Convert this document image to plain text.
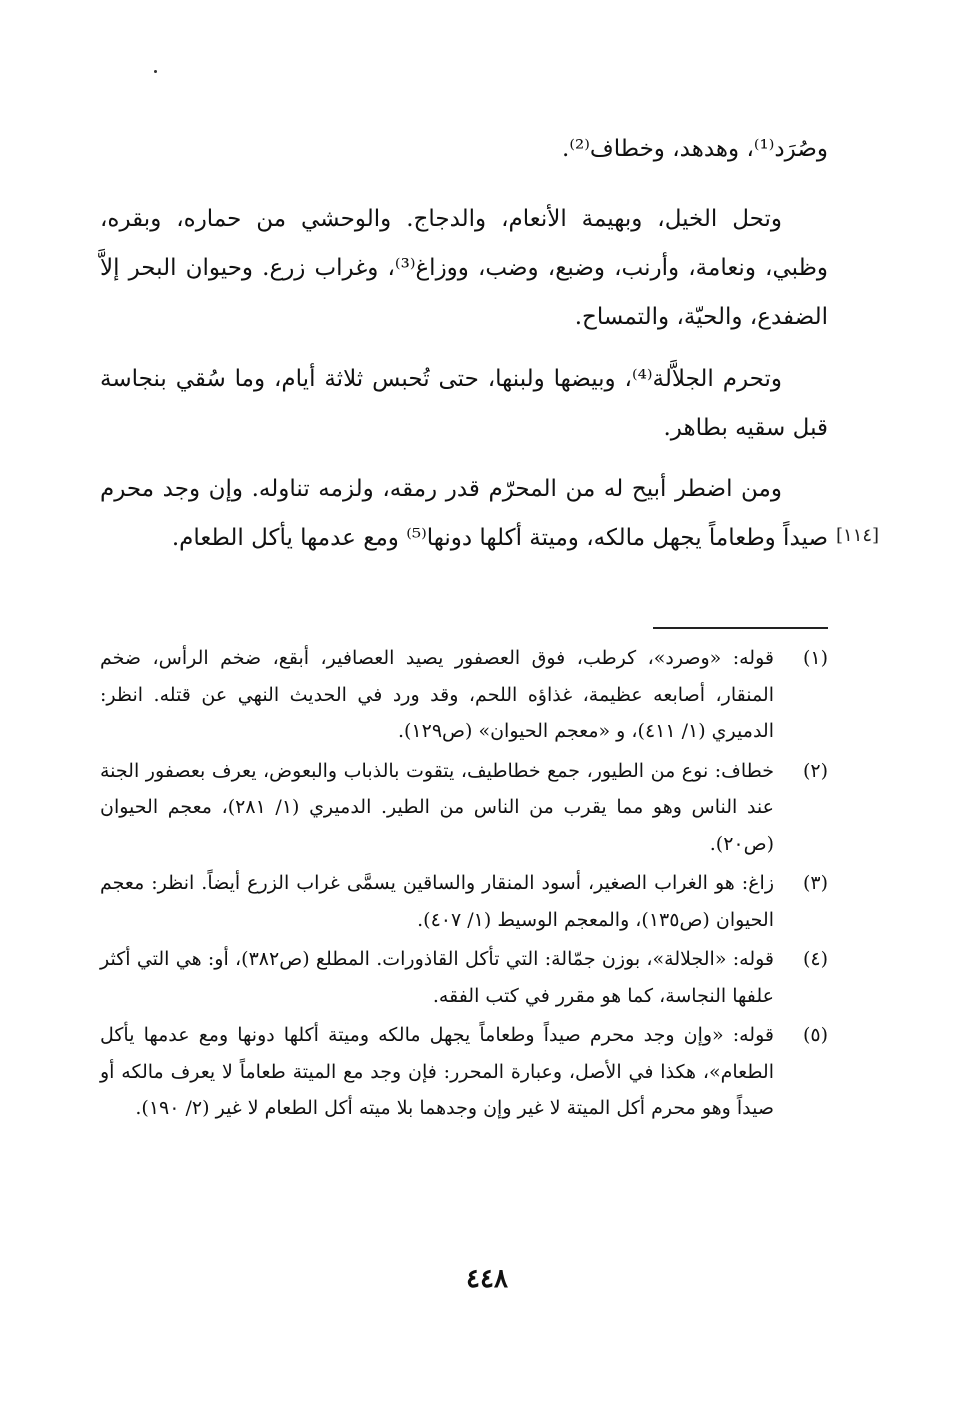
وصُرَد⁽¹⁾، وهدهد، وخطاف⁽²⁾.
وتحل الخيل، وبهيمة الأنعام، والدجاج. والوحشي من حماره، وبقره، وظبي، ونعامة، وأرنب، وضبع، وضب، ووزاغ⁽³⁾، وغراب زرع. وحيوان البحر إلاَّ الضفدع، والحيّة، والتمساح.
وتحرم الجلاَّلة⁽⁴⁾، وبيضها ولبنها، حتى تُحبس ثلاثة أيام، وما سُقي بنجاسة قبل سقيه بطاهر.
ومن اضطر أبيح له من المحرّم قدر رمقه، ولزمه تناوله. وإن وجد محرم صيداً وطعاماً يجهل مالكه، وميتة أكلها دونها⁽⁵⁾ ومع عدمها يأكل الطعام. [١١٤]
(١)
قوله: «وصرد»، كرطب، فوق العصفور يصيد العصافير، أبقع، ضخم الرأس، ضخم المنقار، أصابعه عظيمة، غذاؤه اللحم، وقد ورد في الحديث النهي عن قتله. انظر: الدميري (١/ ٤١١)، و «معجم الحيوان» (ص١٢٩).
(٢)
خطاف: نوع من الطيور، جمع خطاطيف، يتقوت بالذباب والبعوض، يعرف بعصفور الجنة عند الناس وهو مما يقرب من الناس من الطير. الدميري (١/ ٢٨١)، معجم الحيوان (ص٢٠).
(٣)
زاغ: هو الغراب الصغير، أسود المنقار والساقين يسمَّى غراب الزرع أيضاً. انظر: معجم الحيوان (ص١٣٥)، والمعجم الوسيط (١/ ٤٠٧).
(٤)
قوله: «الجلالة»، بوزن جمّالة: التي تأكل القاذورات. المطلع (ص٣٨٢)، أو: هي التي أكثر علفها النجاسة، كما هو مقرر في كتب الفقه.
(٥)
قوله: «وإن وجد محرم صيداً وطعاماً يجهل مالكه وميتة أكلها دونها ومع عدمها يأكل الطعام»، هكذا في الأصل، وعبارة المحرر: فإن وجد مع الميتة طعاماً لا يعرف مالكه أو صيداً وهو محرم أكل الميتة لا غير وإن وجدهما بلا ميته أكل الطعام لا غير (٢/ ١٩٠).
٤٤٨
